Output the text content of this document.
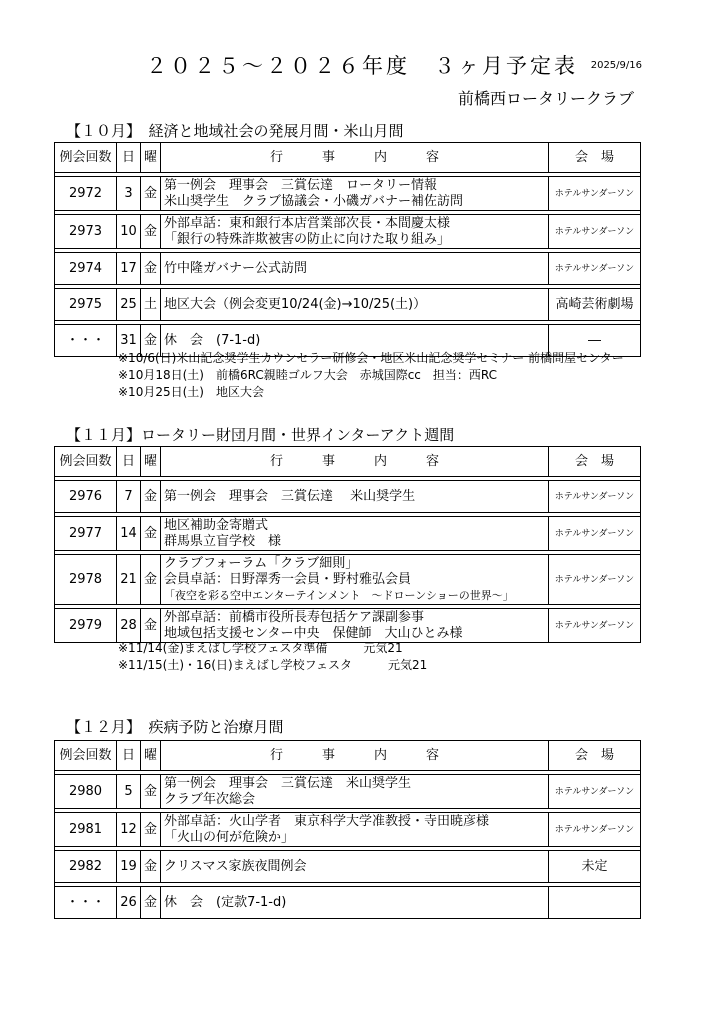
２０２５～２０２６年度　３ヶ月予定表	2025/9/16
前橋西ロータリークラブ
【１０月】　経済と地域社会の発展月間・米山月間
例会回数	日	曜	行　　　事　　　内　　　容	会　場

2972	3	金	第一例会　理事会　三賞伝達　ロータリー情報
米山奨学生　クラブ協議会・小磯ガバナー補佐訪問	ホテルサンダーソン

2973	10	金	外部卓話：東和銀行本店営業部次長・本間慶太様
「銀行の特殊詐欺被害の防止に向けた取り組み」	ホテルサンダーソン

2974	17	金	竹中隆ガバナー公式訪問	ホテルサンダーソン

2975	25	土	地区大会（例会変更10/24(金)→10/25(土)）	高崎芸術劇場

・・・	31	金	休　会　(7-1-d)	―
※10/6(日)米山記念奨学生カウンセラー研修会・地区米山記念奨学セミナー 前橋問屋センター
※10月18日(土)　前橋6RC親睦ゴルフ大会　赤城国際cc　担当：西RC
※10月25日(土)　地区大会
【１１月】ロータリー財団月間・世界インターアクト週間
例会回数	日	曜	行　　　事　　　内　　　容	会　場

2976	7	金	第一例会　理事会　三賞伝達　 米山奨学生	ホテルサンダーソン

2977	14	金	地区補助金寄贈式
群馬県立盲学校　様	ホテルサンダーソン

2978	21	金	クラブフォーラム「クラブ細則」
会員卓話：日野澤秀一会員・野村雅弘会員
「夜空を彩る空中エンターテインメント　～ドローンショーの世界～」	ホテルサンダーソン

2979	28	金	外部卓話：前橋市役所長寿包括ケア課副参事
地域包括支援センター中央　保健師　大山ひとみ様	ホテルサンダーソン
※11/14(金)まえばし学校フェスタ準備　　　元気21
※11/15(土)・16(日)まえばし学校フェスタ　　　元気21
【１２月】　疾病予防と治療月間
例会回数	日	曜	行　　　事　　　内　　　容	会　場

2980	5	金	第一例会　理事会　三賞伝達　米山奨学生
クラブ年次総会	ホテルサンダーソン

2981	12	金	外部卓話：火山学者　東京科学大学准教授・寺田暁彦様
「火山の何が危険か」	ホテルサンダーソン

2982	19	金	クリスマス家族夜間例会	未定

・・・	26	金	休　会　(定款7-1-d)	
